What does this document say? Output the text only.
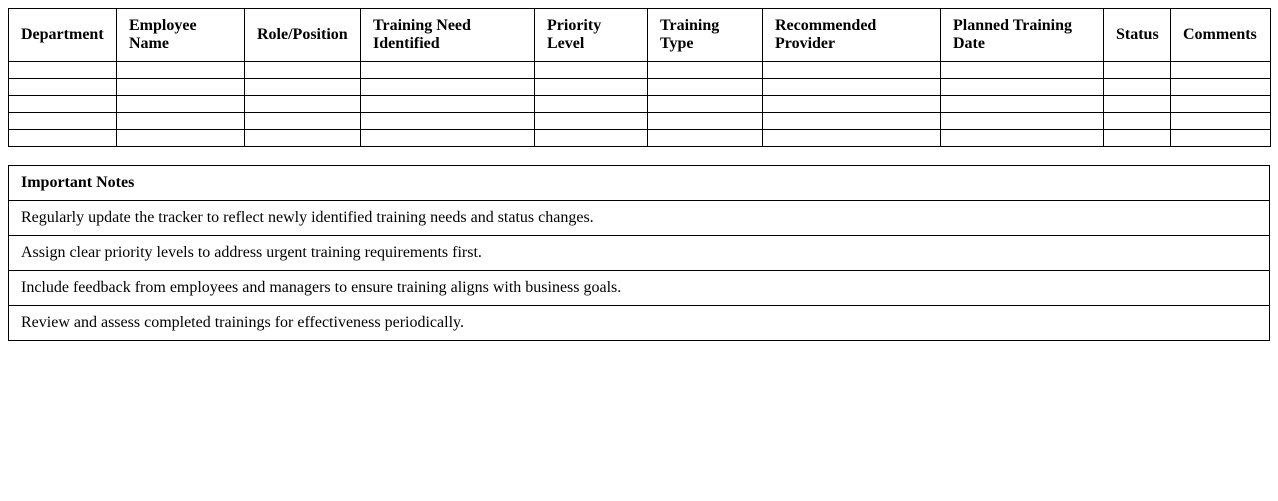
Department	Employee Name	Role/Position	Training Need Identified	Priority Level	Training Type	Recommended Provider	Planned Training Date	Status	Comments

Important Notes
Regularly update the tracker to reflect newly identified training needs and status changes.
Assign clear priority levels to address urgent training requirements first.
Include feedback from employees and managers to ensure training aligns with business goals.
Review and assess completed trainings for effectiveness periodically.
